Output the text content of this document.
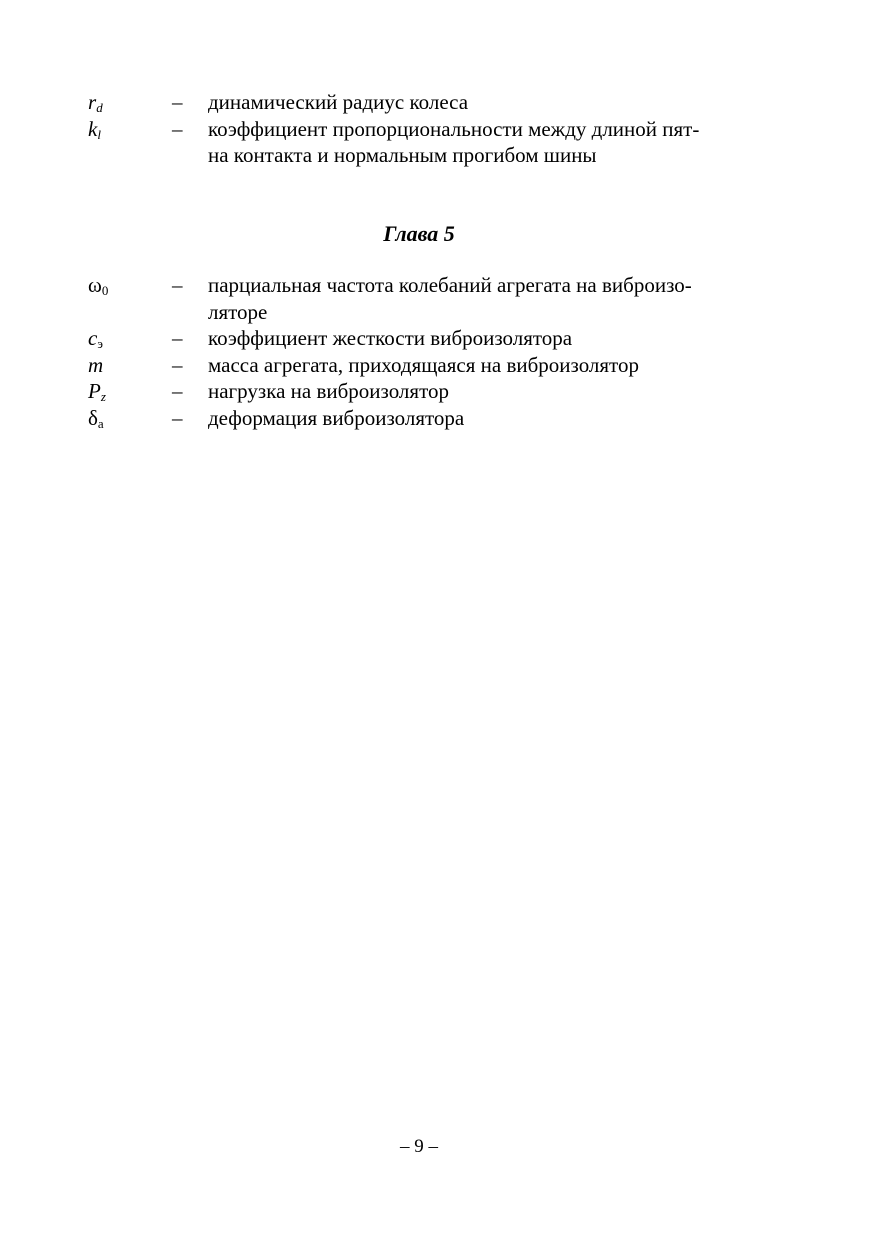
$r_d$	–	динамический радиус колеса
$k_l$	–	коэффициент пропорциональности между длиной пят-
на контакта и нормальным прогибом шины
Глава 5
$\omega_0$	–	парциальная частота колебаний агрегата на виброизо-
ляторе
$c_э$	–	коэффициент жесткости виброизолятора
m	–	масса агрегата, приходящаяся на виброизолятор
$P_z$	–	нагрузка на виброизолятор
$\delta_а$	–	деформация виброизолятора
– 9 –
